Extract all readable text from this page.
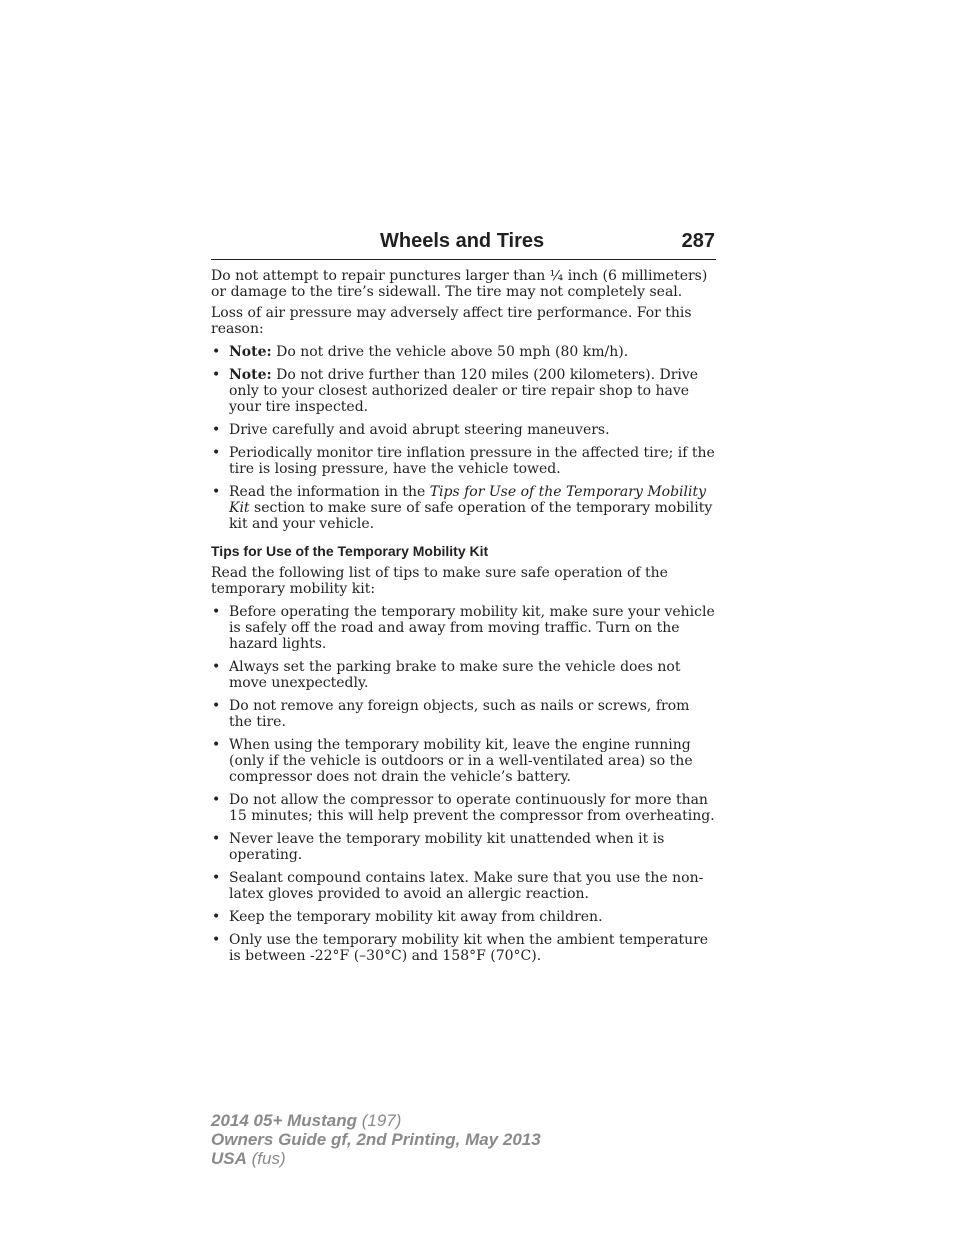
Wheels and Tires	287

Do not attempt to repair punctures larger than ¼ inch (6 millimeters) or damage to the tire’s sidewall. The tire may not completely seal.

Loss of air pressure may adversely affect tire performance. For this reason:

• Note: Do not drive the vehicle above 50 mph (80 km/h).
• Note: Do not drive further than 120 miles (200 kilometers). Drive only to your closest authorized dealer or tire repair shop to have your tire inspected.
• Drive carefully and avoid abrupt steering maneuvers.
• Periodically monitor tire inflation pressure in the affected tire; if the tire is losing pressure, have the vehicle towed.
• Read the information in the Tips for Use of the Temporary Mobility Kit section to make sure of safe operation of the temporary mobility kit and your vehicle.
Tips for Use of the Temporary Mobility Kit

Read the following list of tips to make sure safe operation of the temporary mobility kit:

• Before operating the temporary mobility kit, make sure your vehicle is safely off the road and away from moving traffic. Turn on the hazard lights.
• Always set the parking brake to make sure the vehicle does not move unexpectedly.
• Do not remove any foreign objects, such as nails or screws, from the tire.
• When using the temporary mobility kit, leave the engine running (only if the vehicle is outdoors or in a well-ventilated area) so the compressor does not drain the vehicle’s battery.
• Do not allow the compressor to operate continuously for more than 15 minutes; this will help prevent the compressor from overheating.
• Never leave the temporary mobility kit unattended when it is operating.
• Sealant compound contains latex. Make sure that you use the non-latex gloves provided to avoid an allergic reaction.
• Keep the temporary mobility kit away from children.
• Only use the temporary mobility kit when the ambient temperature is between -22°F (–30°C) and 158°F (70°C).
2014 05+ Mustang (197)
Owners Guide gf, 2nd Printing, May 2013
USA (fus)
